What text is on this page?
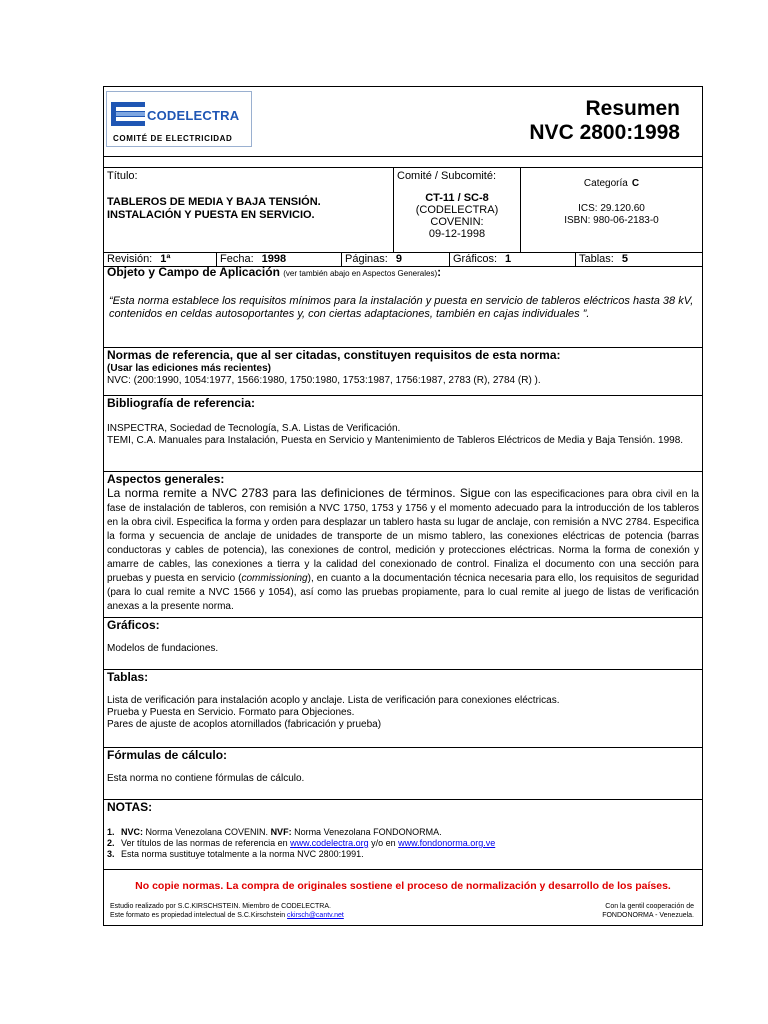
CODELECTRA
COMITÉ DE ELECTRICIDAD
Resumen
NVC 2800:1998
Título:
TABLEROS DE MEDIA Y BAJA TENSIÓN.
INSTALACIÓN Y PUESTA EN SERVICIO.
Comité / Subcomité:
CT-11 / SC-8
(CODELECTRA)
COVENIN:
09-12-1998
Categoría C
ICS: 29.120.60
ISBN: 980-06-2183-0
Revisión: 1ª	Fecha: 1998	Páginas: 9	Gráficos: 1	Tablas: 5
Objeto y Campo de Aplicación (ver también abajo en Aspectos Generales):
“Esta norma establece los requisitos mínimos para la instalación y puesta en servicio de tableros eléctricos hasta 38 kV, contenidos en celdas autosoportantes y, con ciertas adaptaciones, también en cajas individuales ”.
Normas de referencia, que al ser citadas, constituyen requisitos de esta norma:
(Usar las ediciones más recientes)
NVC: (200:1990, 1054:1977, 1566:1980, 1750:1980, 1753:1987, 1756:1987, 2783 (R), 2784 (R) ).
Bibliografía de referencia:
INSPECTRA, Sociedad de Tecnología, S.A. Listas de Verificación.
TEMI, C.A. Manuales para Instalación, Puesta en Servicio y Mantenimiento de Tableros Eléctricos de Media y Baja Tensión. 1998.
Aspectos generales:
La norma remite a NVC 2783 para las definiciones de términos. Sigue con las especificaciones para obra civil en la fase de instalación de tableros, con remisión a NVC 1750, 1753 y 1756 y el momento adecuado para la introducción de los tableros en la obra civil. Especifica la forma y orden para desplazar un tablero hasta su lugar de anclaje, con remisión a NVC 2784. Especifica la forma y secuencia de anclaje de unidades de transporte de un mismo tablero, las conexiones eléctricas de potencia (barras conductoras y cables de potencia), las conexiones de control, medición y protecciones eléctricas. Norma la forma de conexión y amarre de cables, las conexiones a tierra y la calidad del conexionado de control. Finaliza el documento con una sección para pruebas y puesta en servicio (commissioning), en cuanto a la documentación técnica necesaria para ello, los requisitos de seguridad (para lo cual remite a NVC 1566 y 1054), así como las pruebas propiamente, para lo cual remite al juego de listas de verificación anexas a la presente norma.
Gráficos:
Modelos de fundaciones.
Tablas:
Lista de verificación para instalación acoplo y anclaje. Lista de verificación para conexiones eléctricas.
Prueba y Puesta en Servicio. Formato para Objeciones.
Pares de ajuste de acoplos atornillados (fabricación y prueba)
Fórmulas de cálculo:
Esta norma no contiene fórmulas de cálculo.
NOTAS:
1. NVC: Norma Venezolana COVENIN. NVF: Norma Venezolana FONDONORMA.
2. Ver títulos de las normas de referencia en www.codelectra.org y/o en www.fondonorma.org.ve
3. Esta norma sustituye totalmente a la norma NVC 2800:1991.
No copie normas. La compra de originales sostiene el proceso de normalización y desarrollo de los países.
Estudio realizado por S.C.KIRSCHSTEIN. Miembro de CODELECTRA.
Este formato es propiedad intelectual de S.C.Kirschstein ckirsch@cantv.net
Con la gentil cooperación de
FONDONORMA - Venezuela.
